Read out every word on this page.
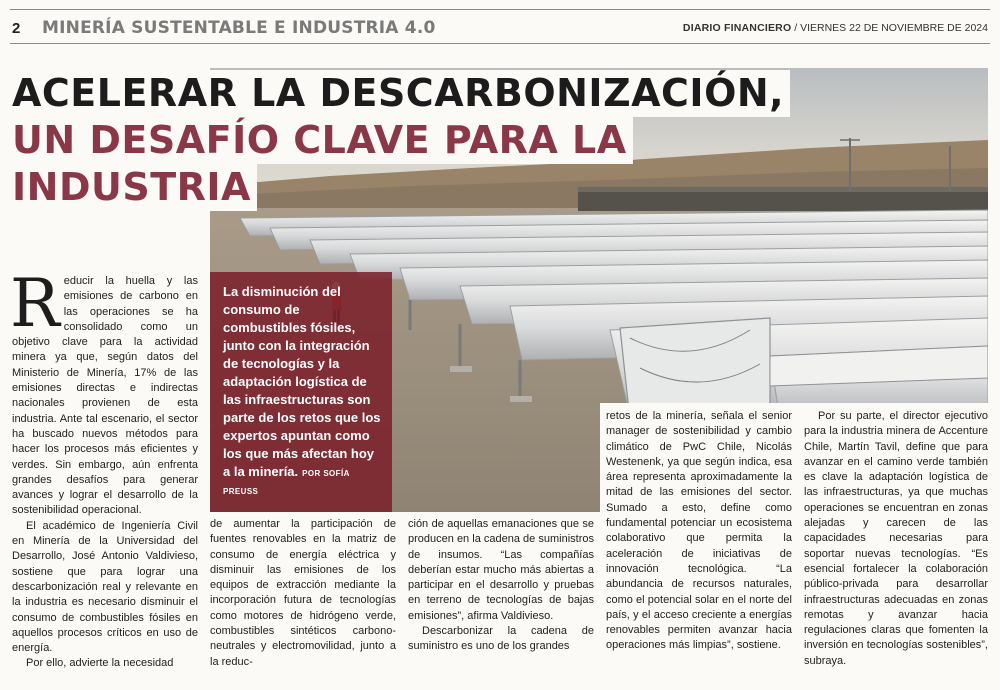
2 MINERÍA SUSTENTABLE E INDUSTRIA 4.0	DIARIO FINANCIERO / VIERNES 22 DE NOVIEMBRE DE 2024
ACELERAR LA DESCARBONIZACIÓN,
UN DESAFÍO CLAVE PARA LA
INDUSTRIA
La disminución del consumo de combustibles fósiles, junto con la integración de tecnologías y la adaptación logística de las infraestructuras son parte de los retos que los expertos apuntan como los que más afectan hoy a la minería. POR SOFÍA PREUSS

Reducir la huella y las emisiones de carbono en las operaciones se ha consolidado como un objetivo clave para la actividad minera ya que, según datos del Ministerio de Minería, 17% de las emisiones directas e indirectas nacionales provienen de esta industria. Ante tal escenario, el sector ha buscado nuevos métodos para hacer los procesos más eficientes y verdes. Sin embargo, aún enfrenta grandes desafíos para generar avances y lograr el desarrollo de la sostenibilidad operacional.

El académico de Ingeniería Civil en Minería de la Universidad del Desarrollo, José Antonio Valdivieso, sostiene que para lograr una descarbonización real y relevante en la industria es necesario disminuir el consumo de combustibles fósiles en aquellos procesos críticos en uso de energía.

Por ello, advierte la necesidad

de aumentar la participación de fuentes renovables en la matriz de consumo de energía eléctrica y disminuir las emisiones de los equipos de extracción mediante la incorporación futura de tecnologías como motores de hidrógeno verde, combustibles sintéticos carbono-neutrales y electromovilidad, junto a la reduc-

ción de aquellas emanaciones que se producen en la cadena de suministros de insumos. “Las compañías deberían estar mucho más abiertas a participar en el desarrollo y pruebas en terreno de tecnologías de bajas emisiones”, afirma Valdivieso.

Descarbonizar la cadena de suministro es uno de los grandes

retos de la minería, señala el senior manager de sostenibilidad y cambio climático de PwC Chile, Nicolás Westenenk, ya que según indica, esa área representa aproximadamente la mitad de las emisiones del sector. Sumado a esto, define como fundamental potenciar un ecosistema colaborativo que permita la aceleración de iniciativas de innovación tecnológica. “La abundancia de recursos naturales, como el potencial solar en el norte del país, y el acceso creciente a energías renovables permiten avanzar hacia operaciones más limpias”, sostiene.

Por su parte, el director ejecutivo para la industria minera de Accenture Chile, Martín Tavil, define que para avanzar en el camino verde también es clave la adaptación logística de las infraestructuras, ya que muchas operaciones se encuentran en zonas alejadas y carecen de las capacidades necesarias para soportar nuevas tecnologías. “Es esencial fortalecer la colaboración público-privada para desarrollar infraestructuras adecuadas en zonas remotas y avanzar hacia regulaciones claras que fomenten la inversión en tecnologías sostenibles”, subraya.
